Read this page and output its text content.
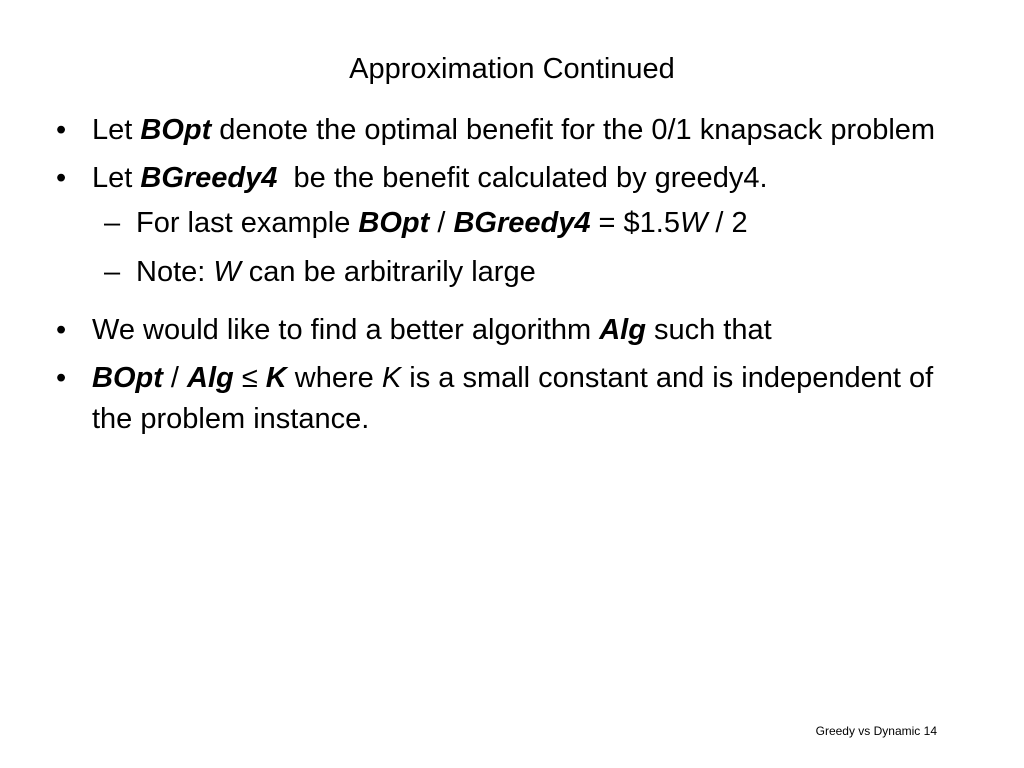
Approximation Continued
• Let BOpt denote the optimal benefit for the 0/1 knapsack problem
• Let BGreedy4  be the benefit calculated by greedy4.
– For last example BOpt / BGreedy4 = $1.5W / 2
– Note: W can be arbitrarily large
• We would like to find a better algorithm Alg such that
• BOpt / Alg ≤ K where K is a small constant and is independent of the problem instance.
Greedy vs Dynamic 14
